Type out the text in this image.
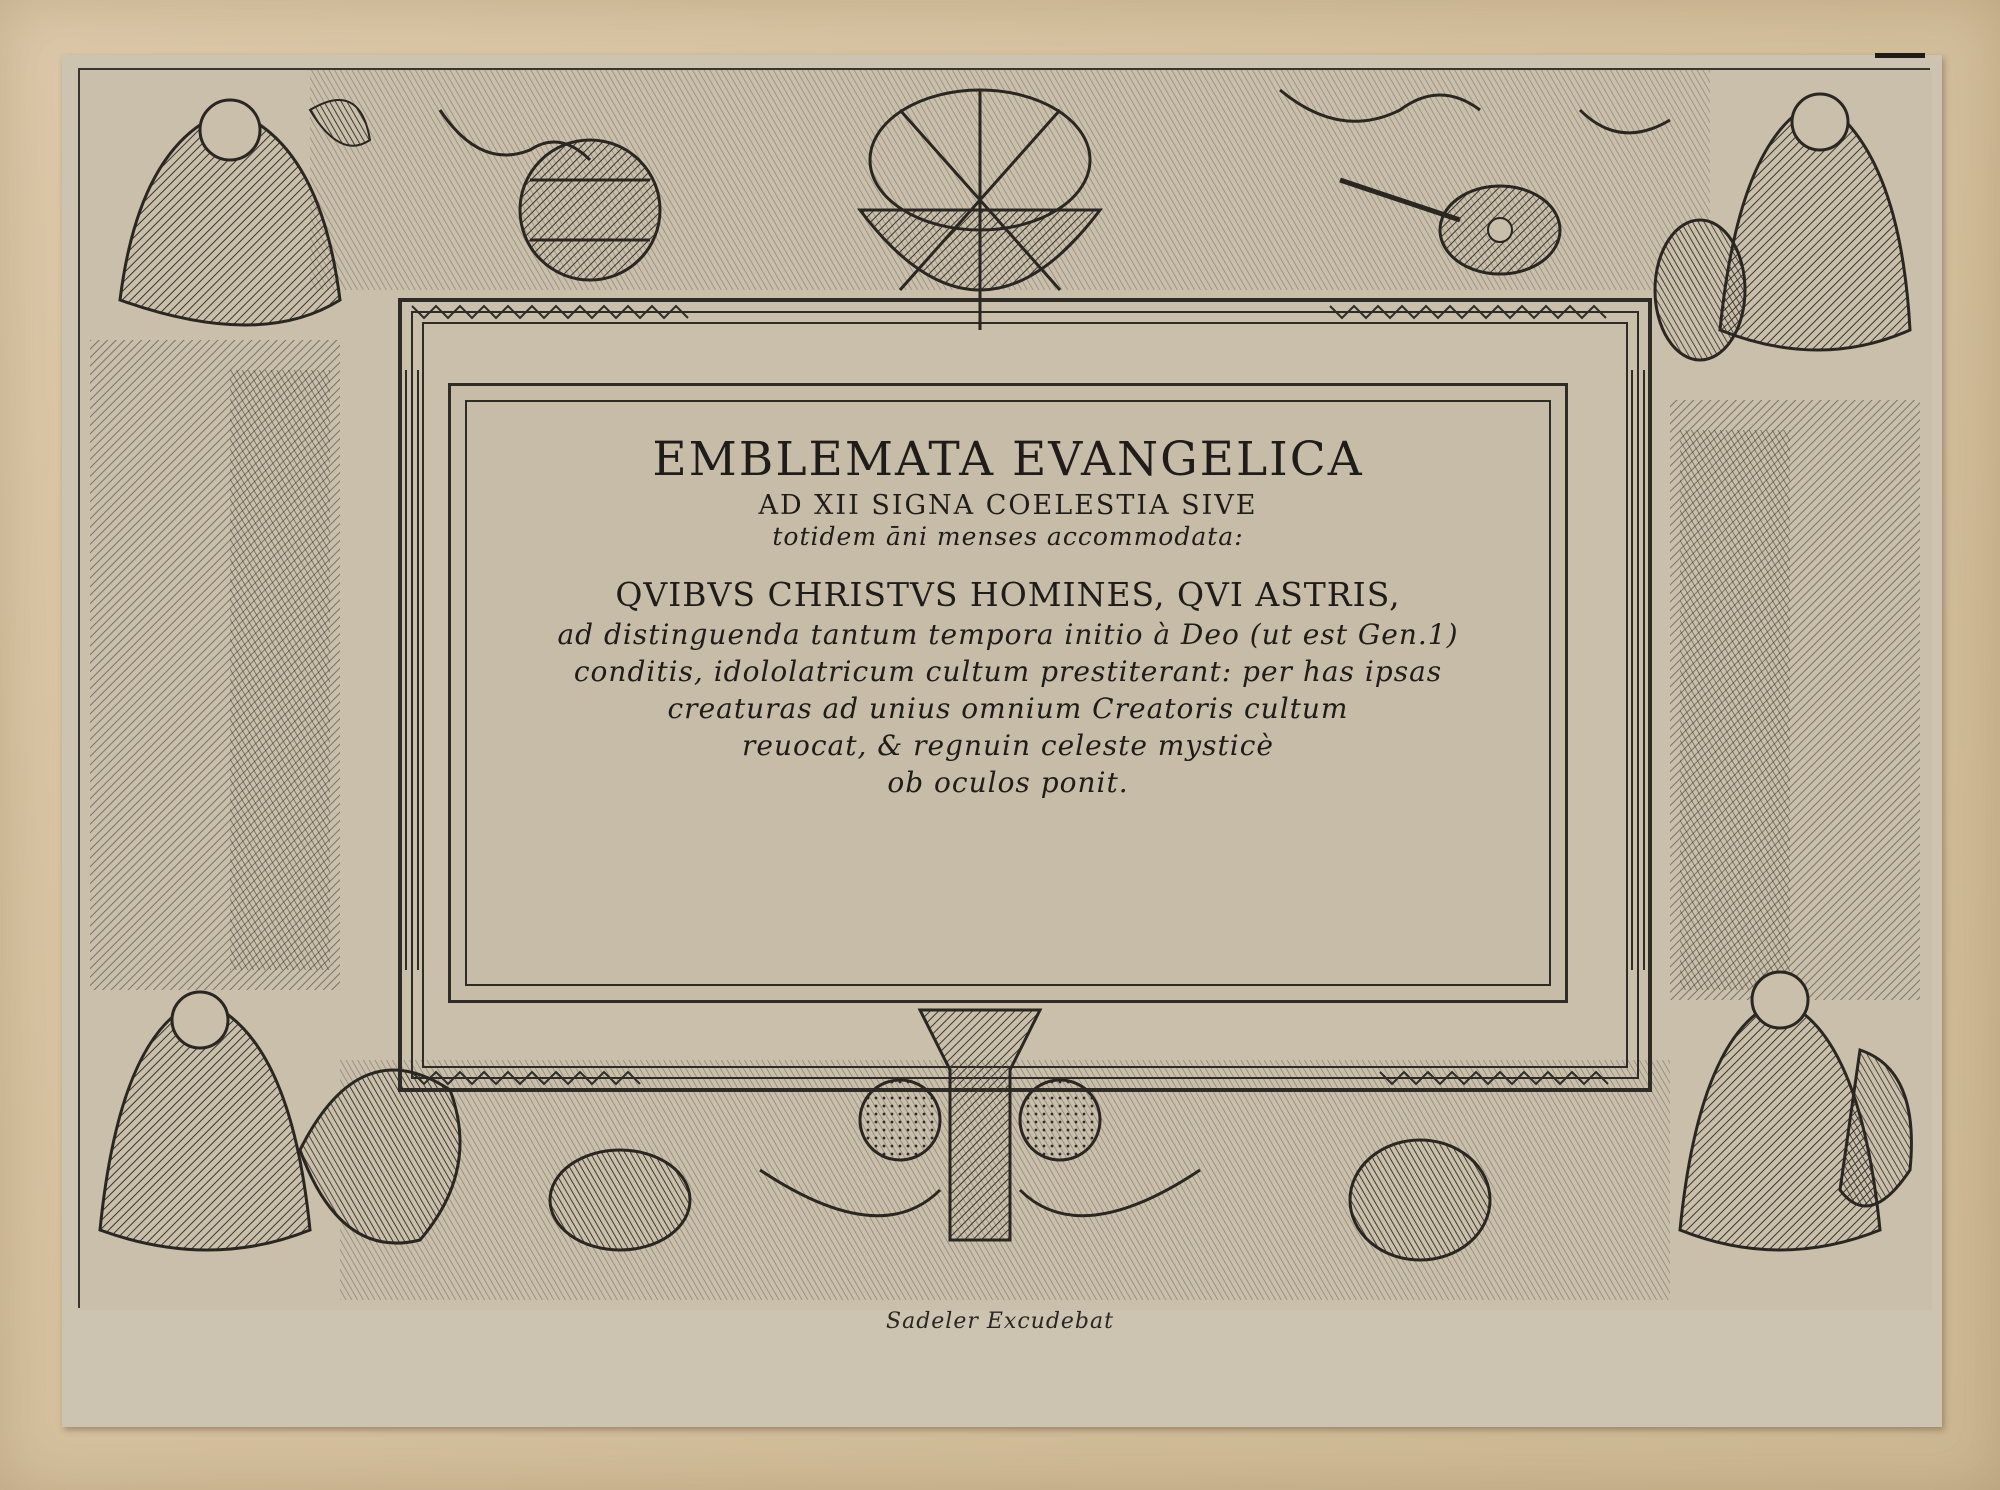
EMBLEMATA EVANGELICA

AD XII SIGNA COELESTIA SIVE

totidem āni menses accommodata:

QVIBVS CHRISTVS HOMINES, QVI ASTRIS,

ad distinguenda tantum tempora initio à Deo (ut est Gen.1)

conditis, idololatricum cultum prestiterant: per has ipsas

creaturas ad unius omnium Creatoris cultum

reuocat, & regnuin celeste mysticè

ob oculos ponit.

Sadeler Excudebat
